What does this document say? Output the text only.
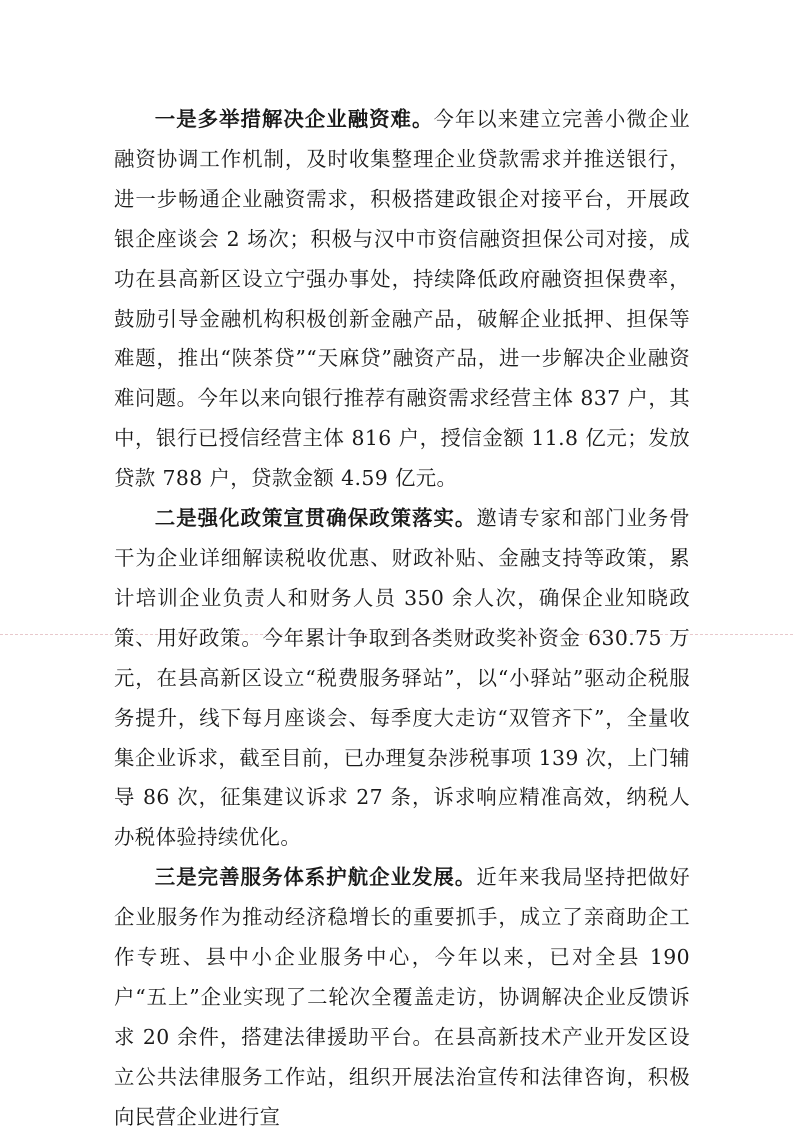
一是多举措解决企业融资难。今年以来建立完善小微企业融资协调工作机制，及时收集整理企业贷款需求并推送银行，进一步畅通企业融资需求，积极搭建政银企对接平台，开展政银企座谈会 2 场次；积极与汉中市资信融资担保公司对接，成功在县高新区设立宁强办事处，持续降低政府融资担保费率，鼓励引导金融机构积极创新金融产品，破解企业抵押、担保等难题，推出“陕茶贷”“天麻贷”融资产品，进一步解决企业融资难问题。今年以来向银行推荐有融资需求经营主体 837 户，其中，银行已授信经营主体 816 户，授信金额 11.8 亿元；发放贷款 788 户，贷款金额 4.59 亿元。

二是强化政策宣贯确保政策落实。邀请专家和部门业务骨干为企业详细解读税收优惠、财政补贴、金融支持等政策，累计培训企业负责人和财务人员 350 余人次，确保企业知晓政策、用好政策。今年累计争取到各类财政奖补资金 630.75 万元，在县高新区设立“税费服务驿站”，以“小驿站”驱动企税服务提升，线下每月座谈会、每季度大走访“双管齐下”，全量收集企业诉求，截至目前，已办理复杂涉税事项 139 次，上门辅导 86 次，征集建议诉求 27 条，诉求响应精准高效，纳税人办税体验持续优化。

三是完善服务体系护航企业发展。近年来我局坚持把做好企业服务作为推动经济稳增长的重要抓手，成立了亲商助企工作专班、县中小企业服务中心，今年以来，已对全县 190 户“五上”企业实现了二轮次全覆盖走访，协调解决企业反馈诉求 20 余件，搭建法律援助平台。在县高新技术产业开发区设立公共法律服务工作站，组织开展法治宣传和法律咨询，积极向民营企业进行宣
